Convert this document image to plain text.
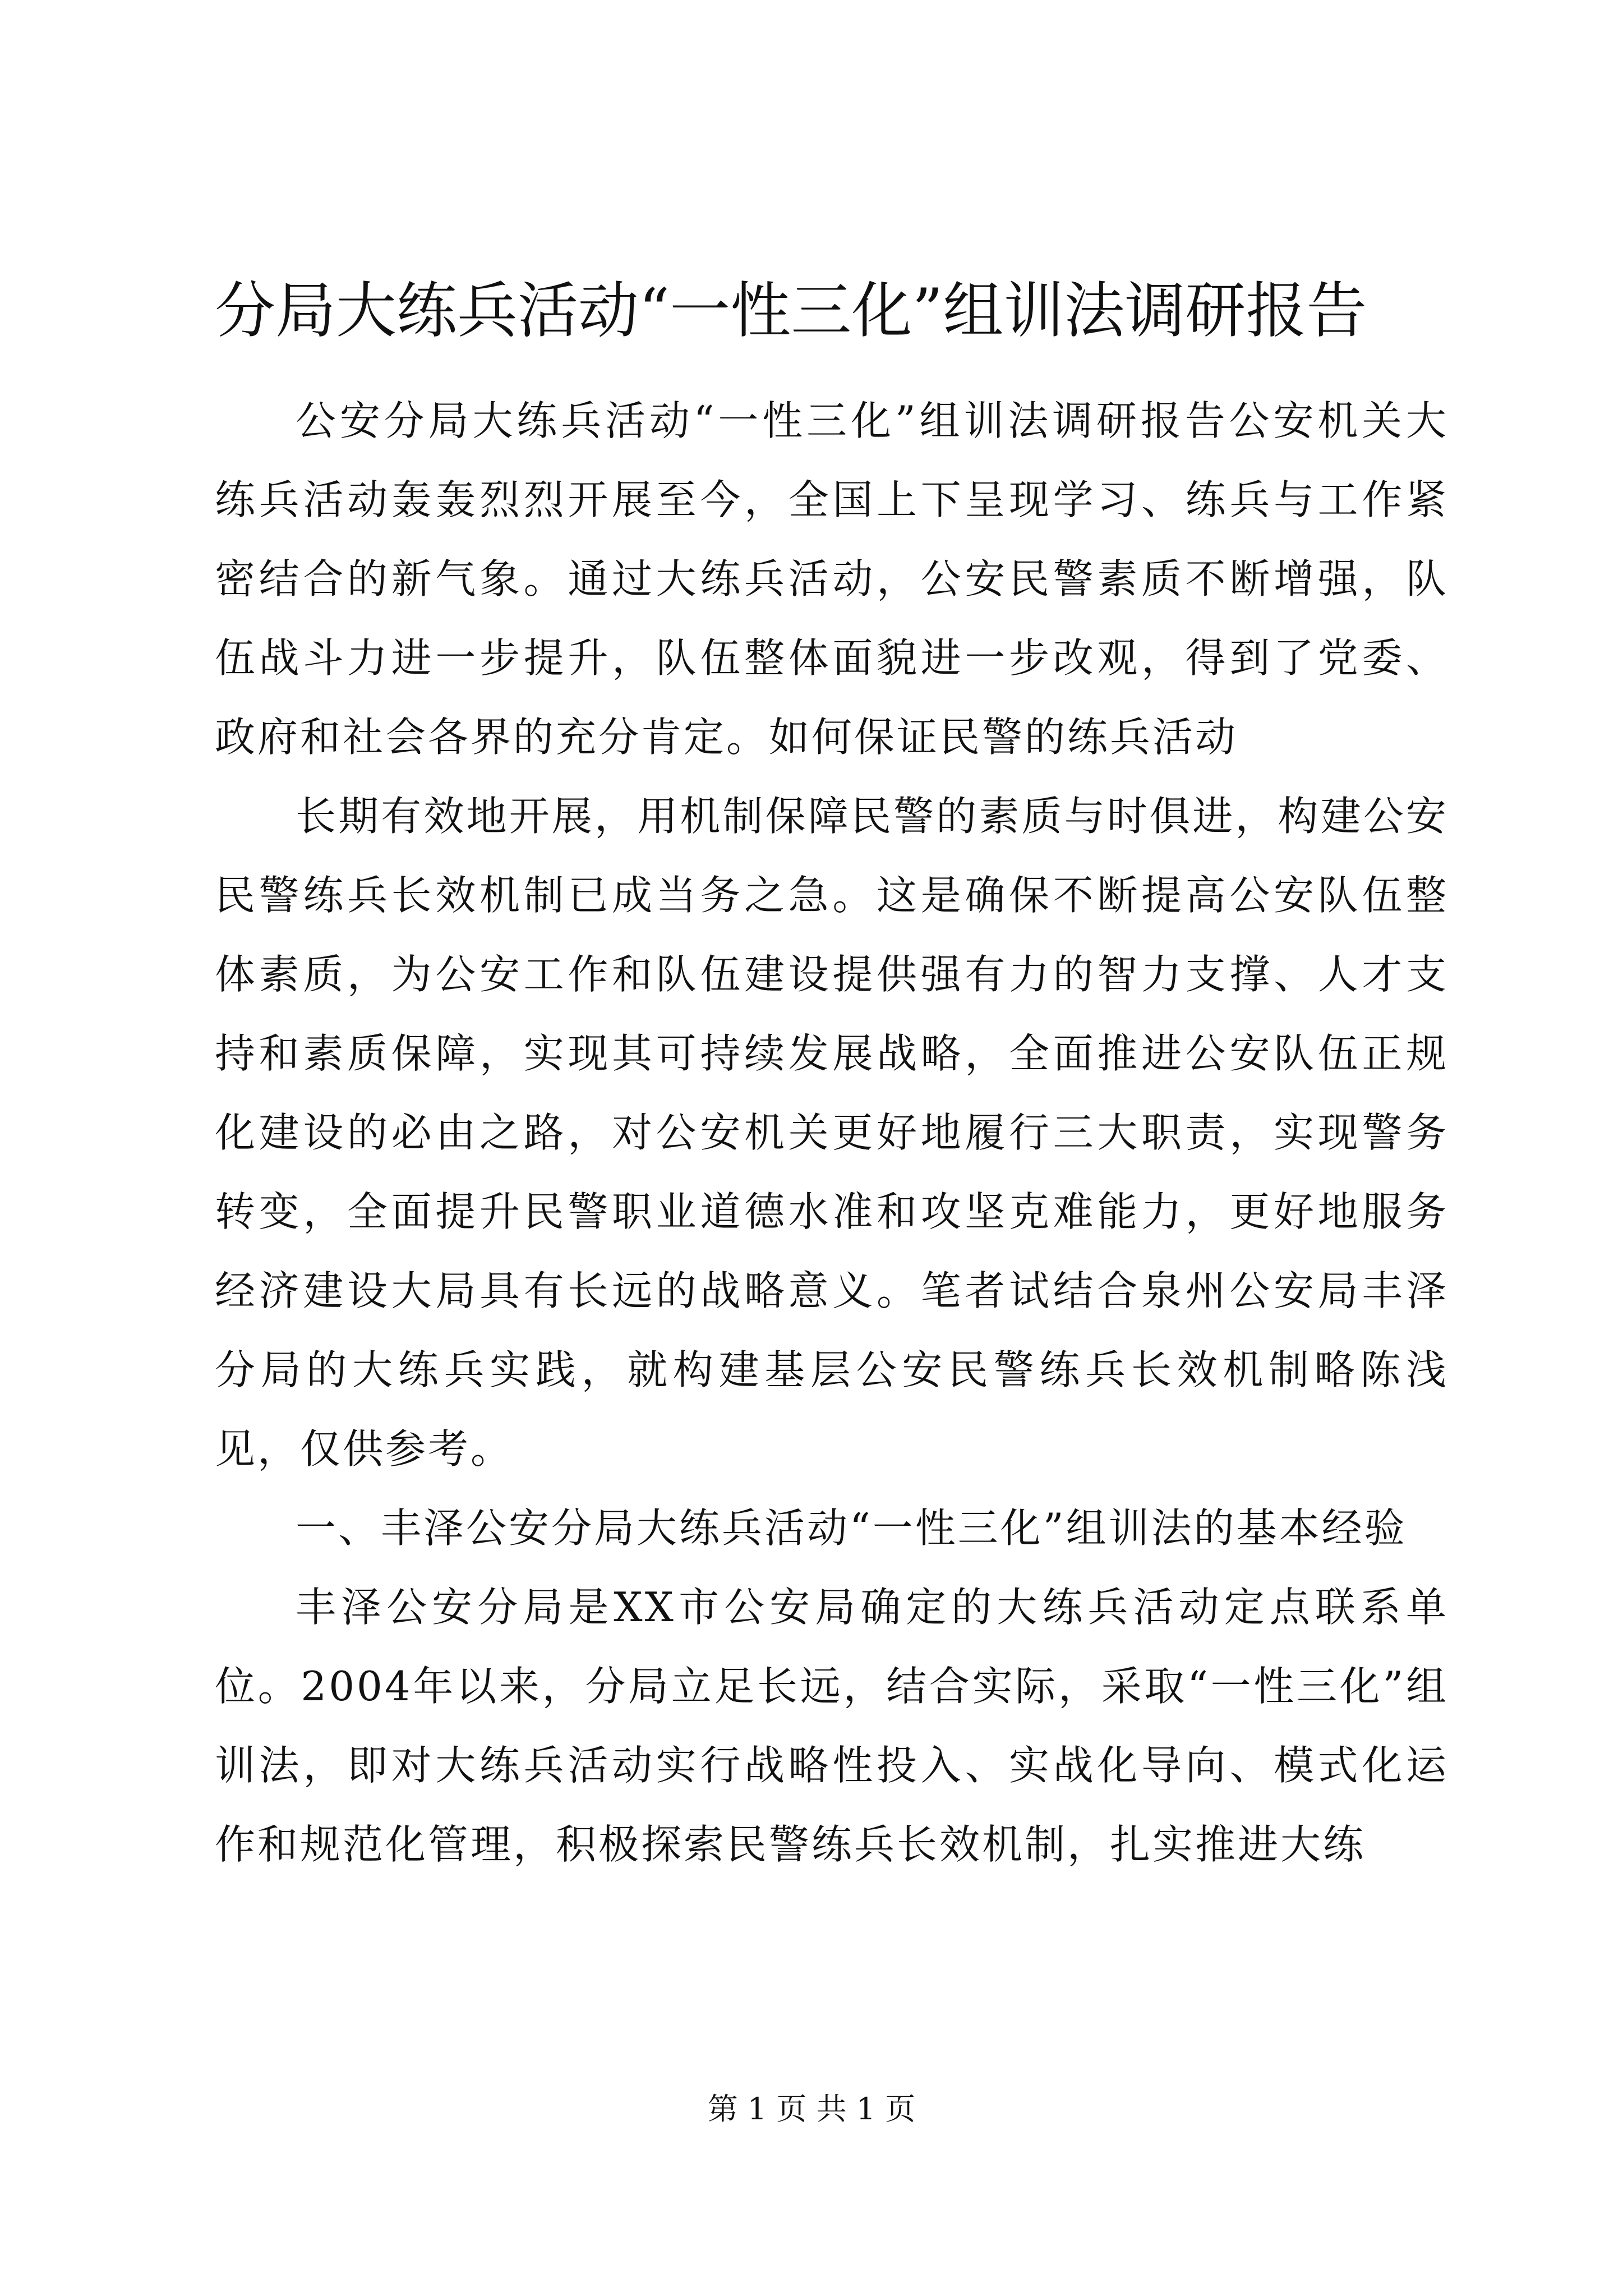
分局大练兵活动“一性三化”组训法调研报告

公安分局大练兵活动“一性三化”组训法调研报告公安机关大练兵活动轰轰烈烈开展至今，全国上下呈现学习、练兵与工作紧密结合的新气象。通过大练兵活动，公安民警素质不断增强，队伍战斗力进一步提升，队伍整体面貌进一步改观，得到了党委、政府和社会各界的充分肯定。如何保证民警的练兵活动

长期有效地开展，用机制保障民警的素质与时俱进，构建公安民警练兵长效机制已成当务之急。这是确保不断提高公安队伍整体素质，为公安工作和队伍建设提供强有力的智力支撑、人才支持和素质保障，实现其可持续发展战略，全面推进公安队伍正规化建设的必由之路，对公安机关更好地履行三大职责，实现警务转变，全面提升民警职业道德水准和攻坚克难能力，更好地服务经济建设大局具有长远的战略意义。笔者试结合泉州公安局丰泽分局的大练兵实践，就构建基层公安民警练兵长效机制略陈浅见，仅供参考。

一、丰泽公安分局大练兵活动“一性三化”组训法的基本经验

丰泽公安分局是XX市公安局确定的大练兵活动定点联系单位。2004年以来，分局立足长远，结合实际，采取“一性三化”组训法，即对大练兵活动实行战略性投入、实战化导向、模式化运作和规范化管理，积极探索民警练兵长效机制，扎实推进大练

第 1 页 共 1 页
